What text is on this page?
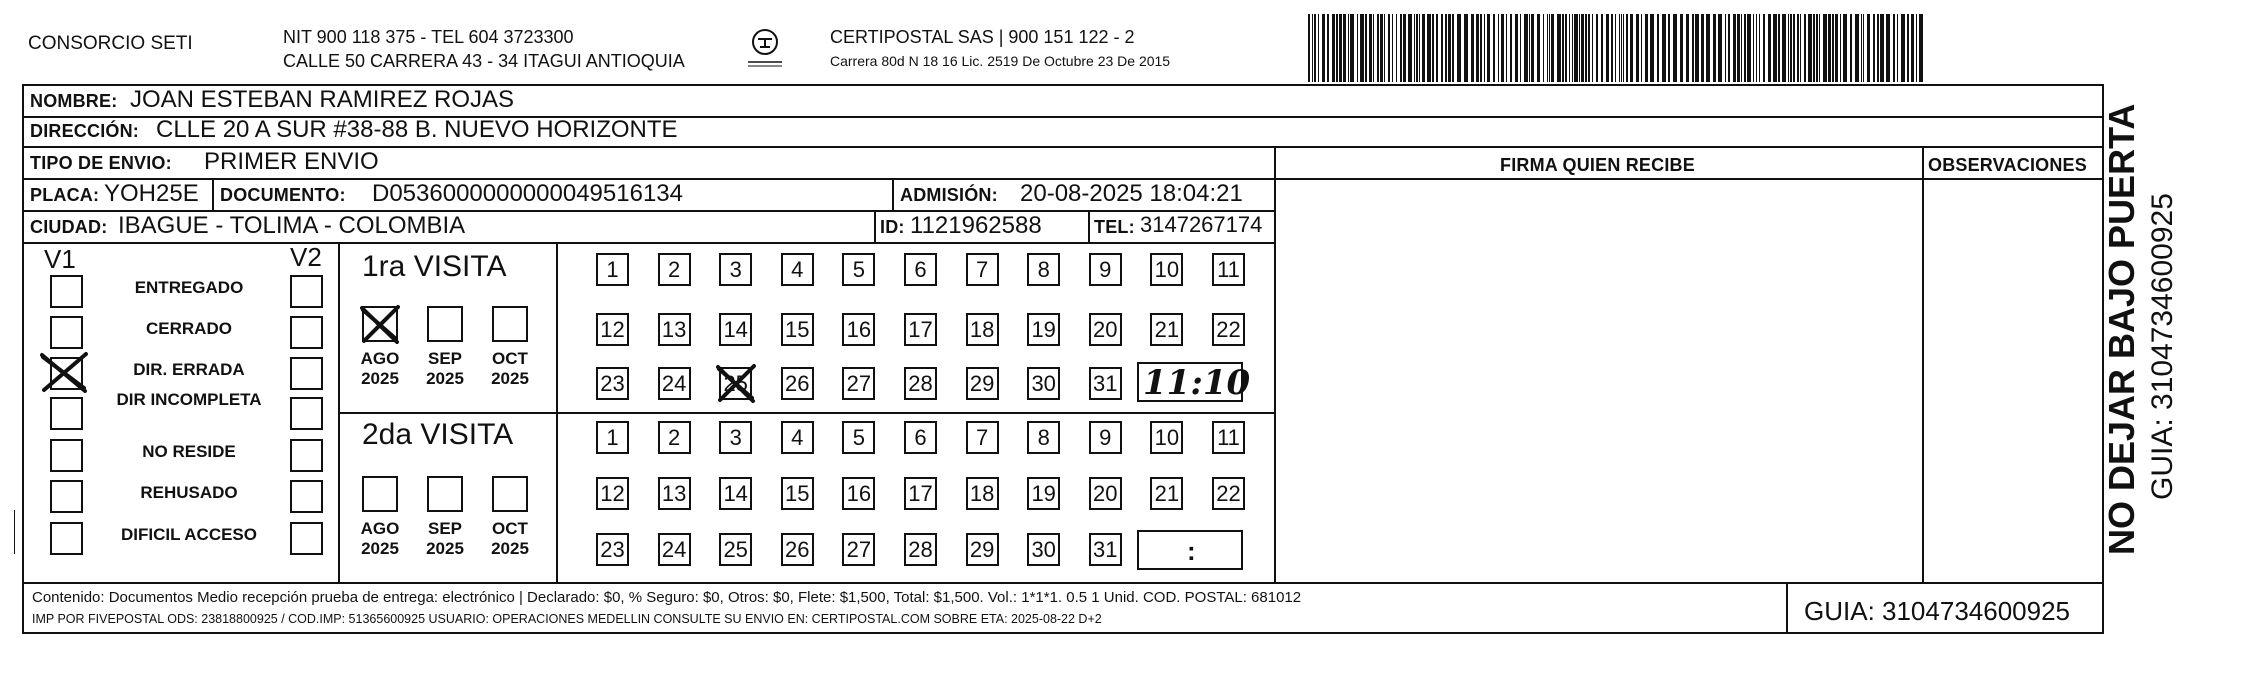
CONSORCIO SETI	NIT 900 118 375 - TEL 604 3723300
CALLE 50 CARRERA 43 - 34 ITAGUI ANTIOQUIA
CERTIPOSTAL SAS | 900 151 122 - 2
Carrera 80d N 18 16 Lic. 2519 De Octubre 23 De 2015
NOMBRE: JOAN ESTEBAN RAMIREZ ROJAS
DIRECCIÓN: CLLE 20 A SUR #38-88 B. NUEVO HORIZONTE
TIPO DE ENVIO: PRIMER ENVIO	FIRMA QUIEN RECIBE	OBSERVACIONES
PLACA: YOH25E DOCUMENTO: D0536000000000049516134	ADMISIÓN: 20-08-2025 18:04:21
CIUDAD: IBAGUE - TOLIMA - COLOMBIA	ID: 1121962588	TEL: 3147267174
V1	V2
ENTREGADO
CERRADO
DIR. ERRADA
DIR INCOMPLETA
NO RESIDE
REHUSADO
DIFICIL ACCESO
1ra VISITA
2da VISITA
AGO
2025
SEP
2025
OCT
2025
AGO
2025
SEP
2025
OCT
2025
1	2	3	4	5	6	7	8	9	10 11
12 13 14 15 16 17 18 19 20 21 22
23 24 25 26 27 28 29 30 31
1	2	3	4	5	6	7	8	9	10 11
12 13 14 15 16 17 18 19 20 21 22
23 24 25 26 27 28 29 30 31
11:10
:
Contenido: Documentos Medio recepción prueba de entrega: electrónico | Declarado: $0, % Seguro: $0, Otros: $0, Flete: $1,500, Total: $1,500. Vol.: 1*1*1. 0.5 1 Unid. COD. POSTAL: 681012
IMP POR FIVEPOSTAL ODS: 23818800925 / COD.IMP: 51365600925 USUARIO: OPERACIONES MEDELLIN CONSULTE SU ENVIO EN: CERTIPOSTAL.COM SOBRE ETA: 2025-08-22 D+2	GUIA: 3104734600925
NO DEJAR BAJO PUERTA GUIA: 3104734600925
